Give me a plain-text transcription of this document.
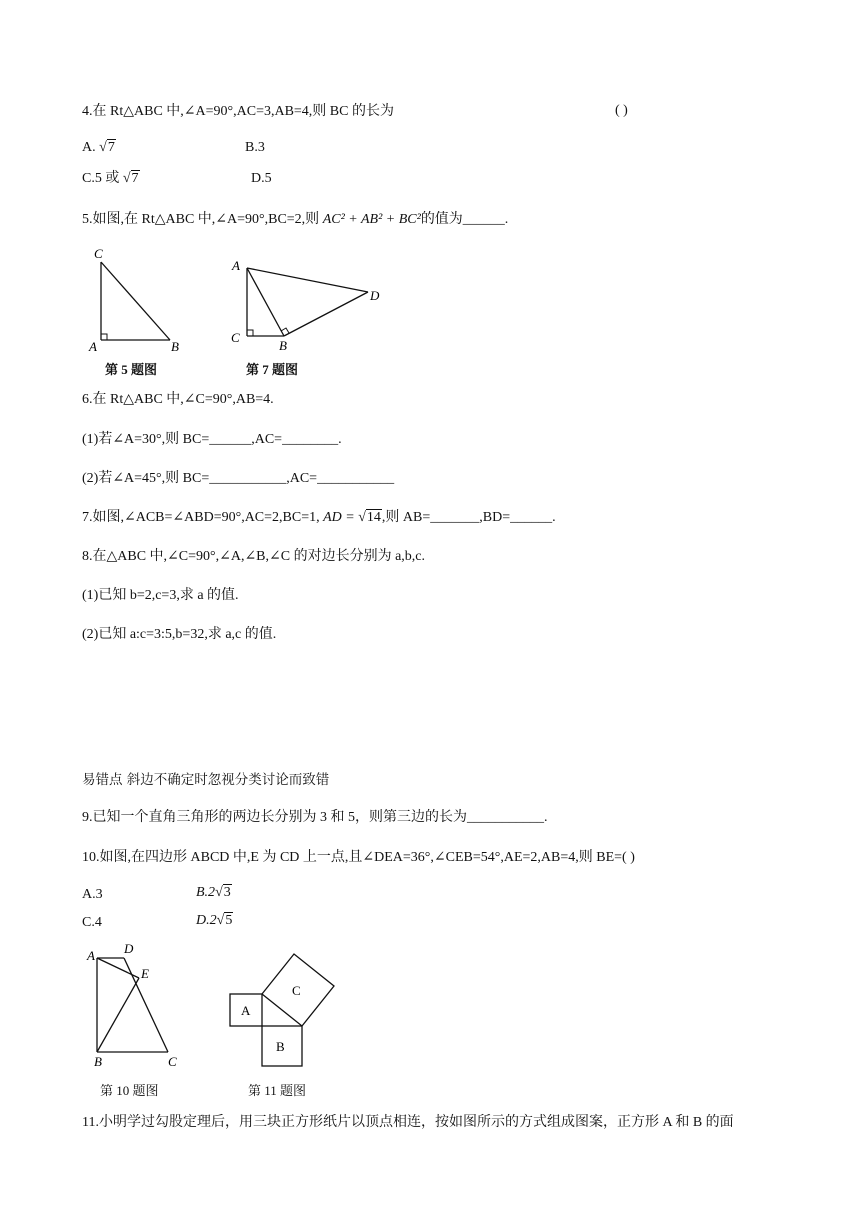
4.在 Rt△ABC 中,∠A=90°,AC=3,AB=4,则 BC 的长为	( )
A. √7	B.3
C.5 或 √7	D.5
5.如图,在 Rt△ABC 中,∠A=90°,BC=2,则 AC² + AB² + BC²的值为______.
C
A	B
第 5 题图
A
D
C
B
第 7 题图
6.在 Rt△ABC 中,∠C=90°,AB=4.
(1)若∠A=30°,则 BC=______,AC=________.
(2)若∠A=45°,则 BC=___________,AC=___________
7.如图,∠ACB=∠ABD=90°,AC=2,BC=1, AD = √14,则 AB=_______,BD=______.
8.在△ABC 中,∠C=90°,∠A,∠B,∠C 的对边长分别为 a,b,c.
(1)已知 b=2,c=3,求 a 的值.
(2)已知 a:c=3:5,b=32,求 a,c 的值.
易错点 斜边不确定时忽视分类讨论而致错
9.已知一个直角三角形的两边长分别为 3 和 5，则第三边的长为___________.
10.如图,在四边形 ABCD 中,E 为 CD 上一点,且∠DEA=36°,∠CEB=54°,AE=2,AB=4,则 BE=( )
A.3	B.2√3
C.4	D.2√5
A D
E
B	C
第 10 题图
A
B
C
第 11 题图
11.小明学过勾股定理后，用三块正方形纸片以顶点相连，按如图所示的方式组成图案，正方形 A 和 B 的面
